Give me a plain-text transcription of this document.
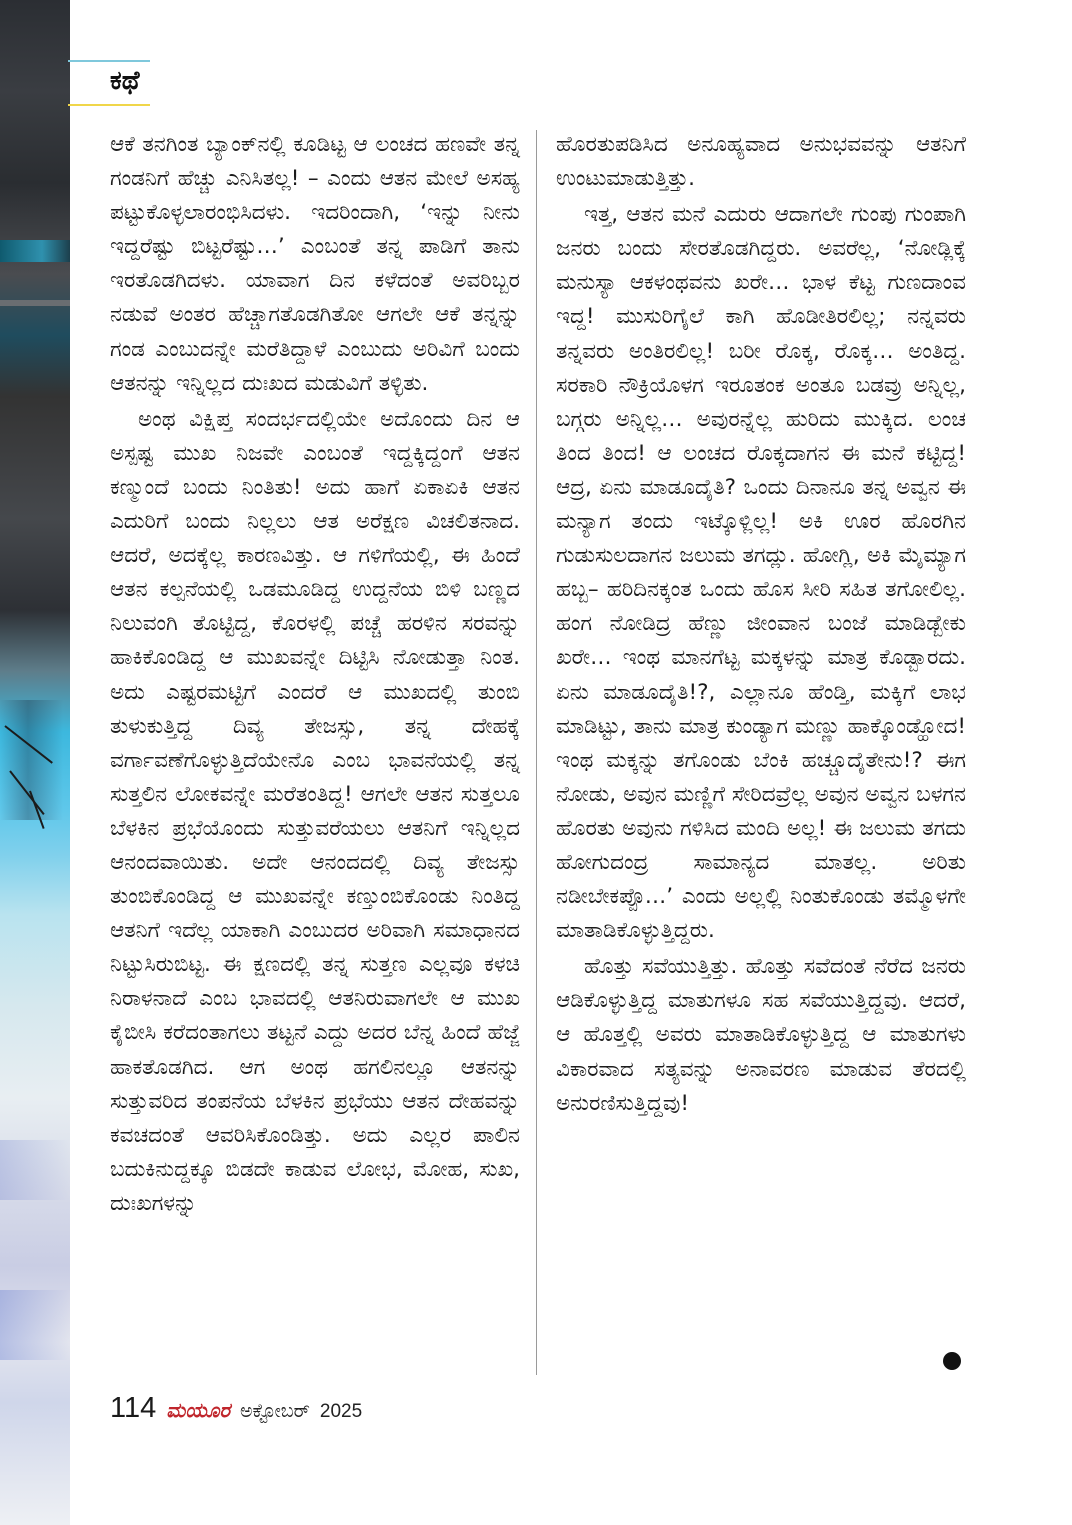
ಕಥೆ

ಆಕೆ ತನಗಿಂತ ಬ್ಯಾಂಕ್‌ನಲ್ಲಿ ಕೂಡಿಟ್ಟ ಆ ಲಂಚದ ಹಣವೇ ತನ್ನ ಗಂಡನಿಗೆ ಹೆಚ್ಚು ಎನಿಸಿತಲ್ಲ! – ಎಂದು ಆತನ ಮೇಲೆ ಅಸಹ್ಯ ಪಟ್ಟುಕೊಳ್ಳಲಾರಂಭಿಸಿದಳು. ಇದರಿಂದಾಗಿ, ‘ಇನ್ನು ನೀನು ಇದ್ದರೆಷ್ಟು ಬಿಟ್ಟರೆಷ್ಟು…’ ಎಂಬಂತೆ ತನ್ನ ಪಾಡಿಗೆ ತಾನು ಇರತೊಡಗಿದಳು. ಯಾವಾಗ ದಿನ ಕಳೆದಂತೆ ಅವರಿಬ್ಬರ ನಡುವೆ ಅಂತರ ಹೆಚ್ಚಾಗತೊಡಗಿತೋ ಆಗಲೇ ಆಕೆ ತನ್ನನ್ನು ಗಂಡ ಎಂಬುದನ್ನೇ ಮರೆತಿದ್ದಾಳೆ ಎಂಬುದು ಅರಿವಿಗೆ ಬಂದು ಆತನನ್ನು ಇನ್ನಿಲ್ಲದ ದುಃಖದ ಮಡುವಿಗೆ ತಳ್ಳಿತು.

ಅಂಥ ವಿಕ್ಷಿಪ್ತ ಸಂದರ್ಭದಲ್ಲಿಯೇ ಅದೊಂದು ದಿನ ಆ ಅಸ್ಪಷ್ಟ ಮುಖ ನಿಜವೇ ಎಂಬಂತೆ ಇದ್ದಕ್ಕಿದ್ದಂಗೆ ಆತನ ಕಣ್ಮುಂದೆ ಬಂದು ನಿಂತಿತು! ಅದು ಹಾಗೆ ಏಕಾಏಕಿ ಆತನ ಎದುರಿಗೆ ಬಂದು ನಿಲ್ಲಲು ಆತ ಅರೆಕ್ಷಣ ವಿಚಲಿತನಾದ. ಆದರೆ, ಅದಕ್ಕೆಲ್ಲ ಕಾರಣವಿತ್ತು. ಆ ಗಳಿಗೆಯಲ್ಲಿ, ಈ ಹಿಂದೆ ಆತನ ಕಲ್ಪನೆಯಲ್ಲಿ ಒಡಮೂಡಿದ್ದ ಉದ್ದನೆಯ ಬಿಳಿ ಬಣ್ಣದ ನಿಲುವಂಗಿ ತೊಟ್ಟಿದ್ದ, ಕೊರಳಲ್ಲಿ ಪಚ್ಚೆ ಹರಳಿನ ಸರವನ್ನು ಹಾಕಿಕೊಂಡಿದ್ದ ಆ ಮುಖವನ್ನೇ ದಿಟ್ಟಿಸಿ ನೋಡುತ್ತಾ ನಿಂತ. ಅದು ಎಷ್ಟರಮಟ್ಟಿಗೆ ಎಂದರೆ ಆ ಮುಖದಲ್ಲಿ ತುಂಬಿ ತುಳುಕುತ್ತಿದ್ದ ದಿವ್ಯ ತೇಜಸ್ಸು, ತನ್ನ ದೇಹಕ್ಕೆ ವರ್ಗಾವಣೆಗೊಳ್ಳುತ್ತಿದೆಯೇನೊ ಎಂಬ ಭಾವನೆಯಲ್ಲಿ ತನ್ನ ಸುತ್ತಲಿನ ಲೋಕವನ್ನೇ ಮರೆತಂತಿದ್ದ! ಆಗಲೇ ಆತನ ಸುತ್ತಲೂ ಬೆಳಕಿನ ಪ್ರಭೆಯೊಂದು ಸುತ್ತುವರೆಯಲು ಆತನಿಗೆ ಇನ್ನಿಲ್ಲದ ಆನಂದವಾಯಿತು. ಅದೇ ಆನಂದದಲ್ಲಿ ದಿವ್ಯ ತೇಜಸ್ಸು ತುಂಬಿಕೊಂಡಿದ್ದ ಆ ಮುಖವನ್ನೇ ಕಣ್ತುಂಬಿಕೊಂಡು ನಿಂತಿದ್ದ ಆತನಿಗೆ ಇದೆಲ್ಲ ಯಾಕಾಗಿ ಎಂಬುದರ ಅರಿವಾಗಿ ಸಮಾಧಾನದ ನಿಟ್ಟುಸಿರುಬಿಟ್ಟ. ಈ ಕ್ಷಣದಲ್ಲಿ ತನ್ನ ಸುತ್ತಣ ಎಲ್ಲವೂ ಕಳಚಿ ನಿರಾಳನಾದೆ ಎಂಬ ಭಾವದಲ್ಲಿ ಆತನಿರುವಾಗಲೇ ಆ ಮುಖ ಕೈಬೀಸಿ ಕರೆದಂತಾಗಲು ತಟ್ಟನೆ ಎದ್ದು ಅದರ ಬೆನ್ನ ಹಿಂದೆ ಹೆಜ್ಜೆ ಹಾಕತೊಡಗಿದ. ಆಗ ಅಂಥ ಹಗಲಿನಲ್ಲೂ ಆತನನ್ನು ಸುತ್ತುವರಿದ ತಂಪನೆಯ ಬೆಳಕಿನ ಪ್ರಭೆಯು ಆತನ ದೇಹವನ್ನು ಕವಚದಂತೆ ಆವರಿಸಿಕೊಂಡಿತ್ತು. ಅದು ಎಲ್ಲರ ಪಾಲಿನ ಬದುಕಿನುದ್ದಕ್ಕೂ ಬಿಡದೇ ಕಾಡುವ ಲೋಭ, ಮೋಹ, ಸುಖ, ದುಃಖಗಳನ್ನು

ಹೊರತುಪಡಿಸಿದ ಅನೂಹ್ಯವಾದ ಅನುಭವವನ್ನು ಆತನಿಗೆ ಉಂಟುಮಾಡುತ್ತಿತ್ತು.

ಇತ್ತ, ಆತನ ಮನೆ ಎದುರು ಆದಾಗಲೇ ಗುಂಪು ಗುಂಪಾಗಿ ಜನರು ಬಂದು ಸೇರತೊಡಗಿದ್ದರು. ಅವರೆಲ್ಲ, ‘ನೋಡ್ಲಿಕ್ಕೆ ಮನುಸ್ಯಾ ಆಕಳಂಥವನು ಖರೇ… ಭಾಳ ಕೆಟ್ಟ ಗುಣದಾಂವ ಇದ್ದ! ಮುಸುರಿಗೈಲೆ ಕಾಗಿ ಹೊಡೀತಿರಲಿಲ್ಲ; ನನ್ನವರು ತನ್ನವರು ಅಂತಿರಲಿಲ್ಲ! ಬರೀ ರೊಕ್ಕ, ರೊಕ್ಕ… ಅಂತಿದ್ದ. ಸರಕಾರಿ ನೌಕ್ರಿಯೊಳಗ ಇರೂತಂಕ ಅಂತೂ ಬಡವ್ರು ಅನ್ನಿಲ್ಲ, ಬಗ್ಗರು ಅನ್ನಿಲ್ಲ… ಅವುರನ್ನೆಲ್ಲ ಹುರಿದು ಮುಕ್ಕಿದ. ಲಂಚ ತಿಂದ ತಿಂದ! ಆ ಲಂಚದ ರೊಕ್ಕದಾಗನ ಈ ಮನೆ ಕಟ್ಟಿದ್ದ! ಆದ್ರ, ಏನು ಮಾಡೂದೈತಿ? ಒಂದು ದಿನಾನೂ ತನ್ನ ಅವ್ವನ ಈ ಮನ್ಯಾಗ ತಂದು ಇಟ್ಕೊಳ್ಲಿಲ್ಲ! ಅಕಿ ಊರ ಹೊರಗಿನ ಗುಡುಸುಲದಾಗನ ಜಲುಮ ತಗದ್ಲು. ಹೋಗ್ಲಿ, ಅಕಿ ಮೈಮ್ಯಾಗ ಹಬ್ಬ– ಹರಿದಿನಕ್ಕಂತ ಒಂದು ಹೊಸ ಸೀರಿ ಸಹಿತ ತಗೋಲಿಲ್ಲ. ಹಂಗ ನೋಡಿದ್ರ ಹೆಣ್ಣು ಜೀಂವಾನ ಬಂಜೆ ಮಾಡಿಡ್ಬೇಕು ಖರೇ… ಇಂಥ ಮಾನಗೆಟ್ಟ ಮಕ್ಕಳನ್ನು ಮಾತ್ರ ಕೊಡ್ಬಾರದು. ಏನು ಮಾಡೂದೈತಿ!?, ಎಲ್ಲಾನೂ ಹೆಂಡ್ತಿ, ಮಕ್ಕಿಗೆ ಲಾಭ ಮಾಡಿಟ್ಟು, ತಾನು ಮಾತ್ರ ಕುಂಡ್ಯಾಗ ಮಣ್ಣು ಹಾಕ್ಕೊಂಡ್ಹೋದ! ಇಂಥ ಮಕ್ಕನ್ನು ತಗೊಂಡು ಬೆಂಕಿ ಹಚ್ಚೂದೈತೇನು!? ಈಗ ನೋಡು, ಅವುನ ಮಣ್ಣಿಗೆ ಸೇರಿದವ್ರೆಲ್ಲ ಅವುನ ಅವ್ವನ ಬಳಗನ ಹೊರತು ಅವುನು ಗಳಿಸಿದ ಮಂದಿ ಅಲ್ಲ! ಈ ಜಲುಮ ತಗದು ಹೋಗುದಂದ್ರ ಸಾಮಾನ್ಯದ ಮಾತಲ್ಲ. ಅರಿತು ನಡೀಬೇಕಪ್ಪೊ…’ ಎಂದು ಅಲ್ಲಲ್ಲಿ ನಿಂತುಕೊಂಡು ತಮ್ಮೊಳಗೇ ಮಾತಾಡಿಕೊಳ್ಳುತ್ತಿದ್ದರು.

ಹೊತ್ತು ಸವೆಯುತ್ತಿತ್ತು. ಹೊತ್ತು ಸವೆದಂತೆ ನೆರೆದ ಜನರು ಆಡಿಕೊಳ್ಳುತ್ತಿದ್ದ ಮಾತುಗಳೂ ಸಹ ಸವೆಯುತ್ತಿದ್ದವು. ಆದರೆ, ಆ ಹೊತ್ತಲ್ಲಿ ಅವರು ಮಾತಾಡಿಕೊಳ್ಳುತ್ತಿದ್ದ ಆ ಮಾತುಗಳು ವಿಕಾರವಾದ ಸತ್ಯವನ್ನು ಅನಾವರಣ ಮಾಡುವ ತೆರದಲ್ಲಿ ಅನುರಣಿಸುತ್ತಿದ್ದವು!

114 ಮಯೂರ ಅಕ್ಟೋಬರ್ 2025
